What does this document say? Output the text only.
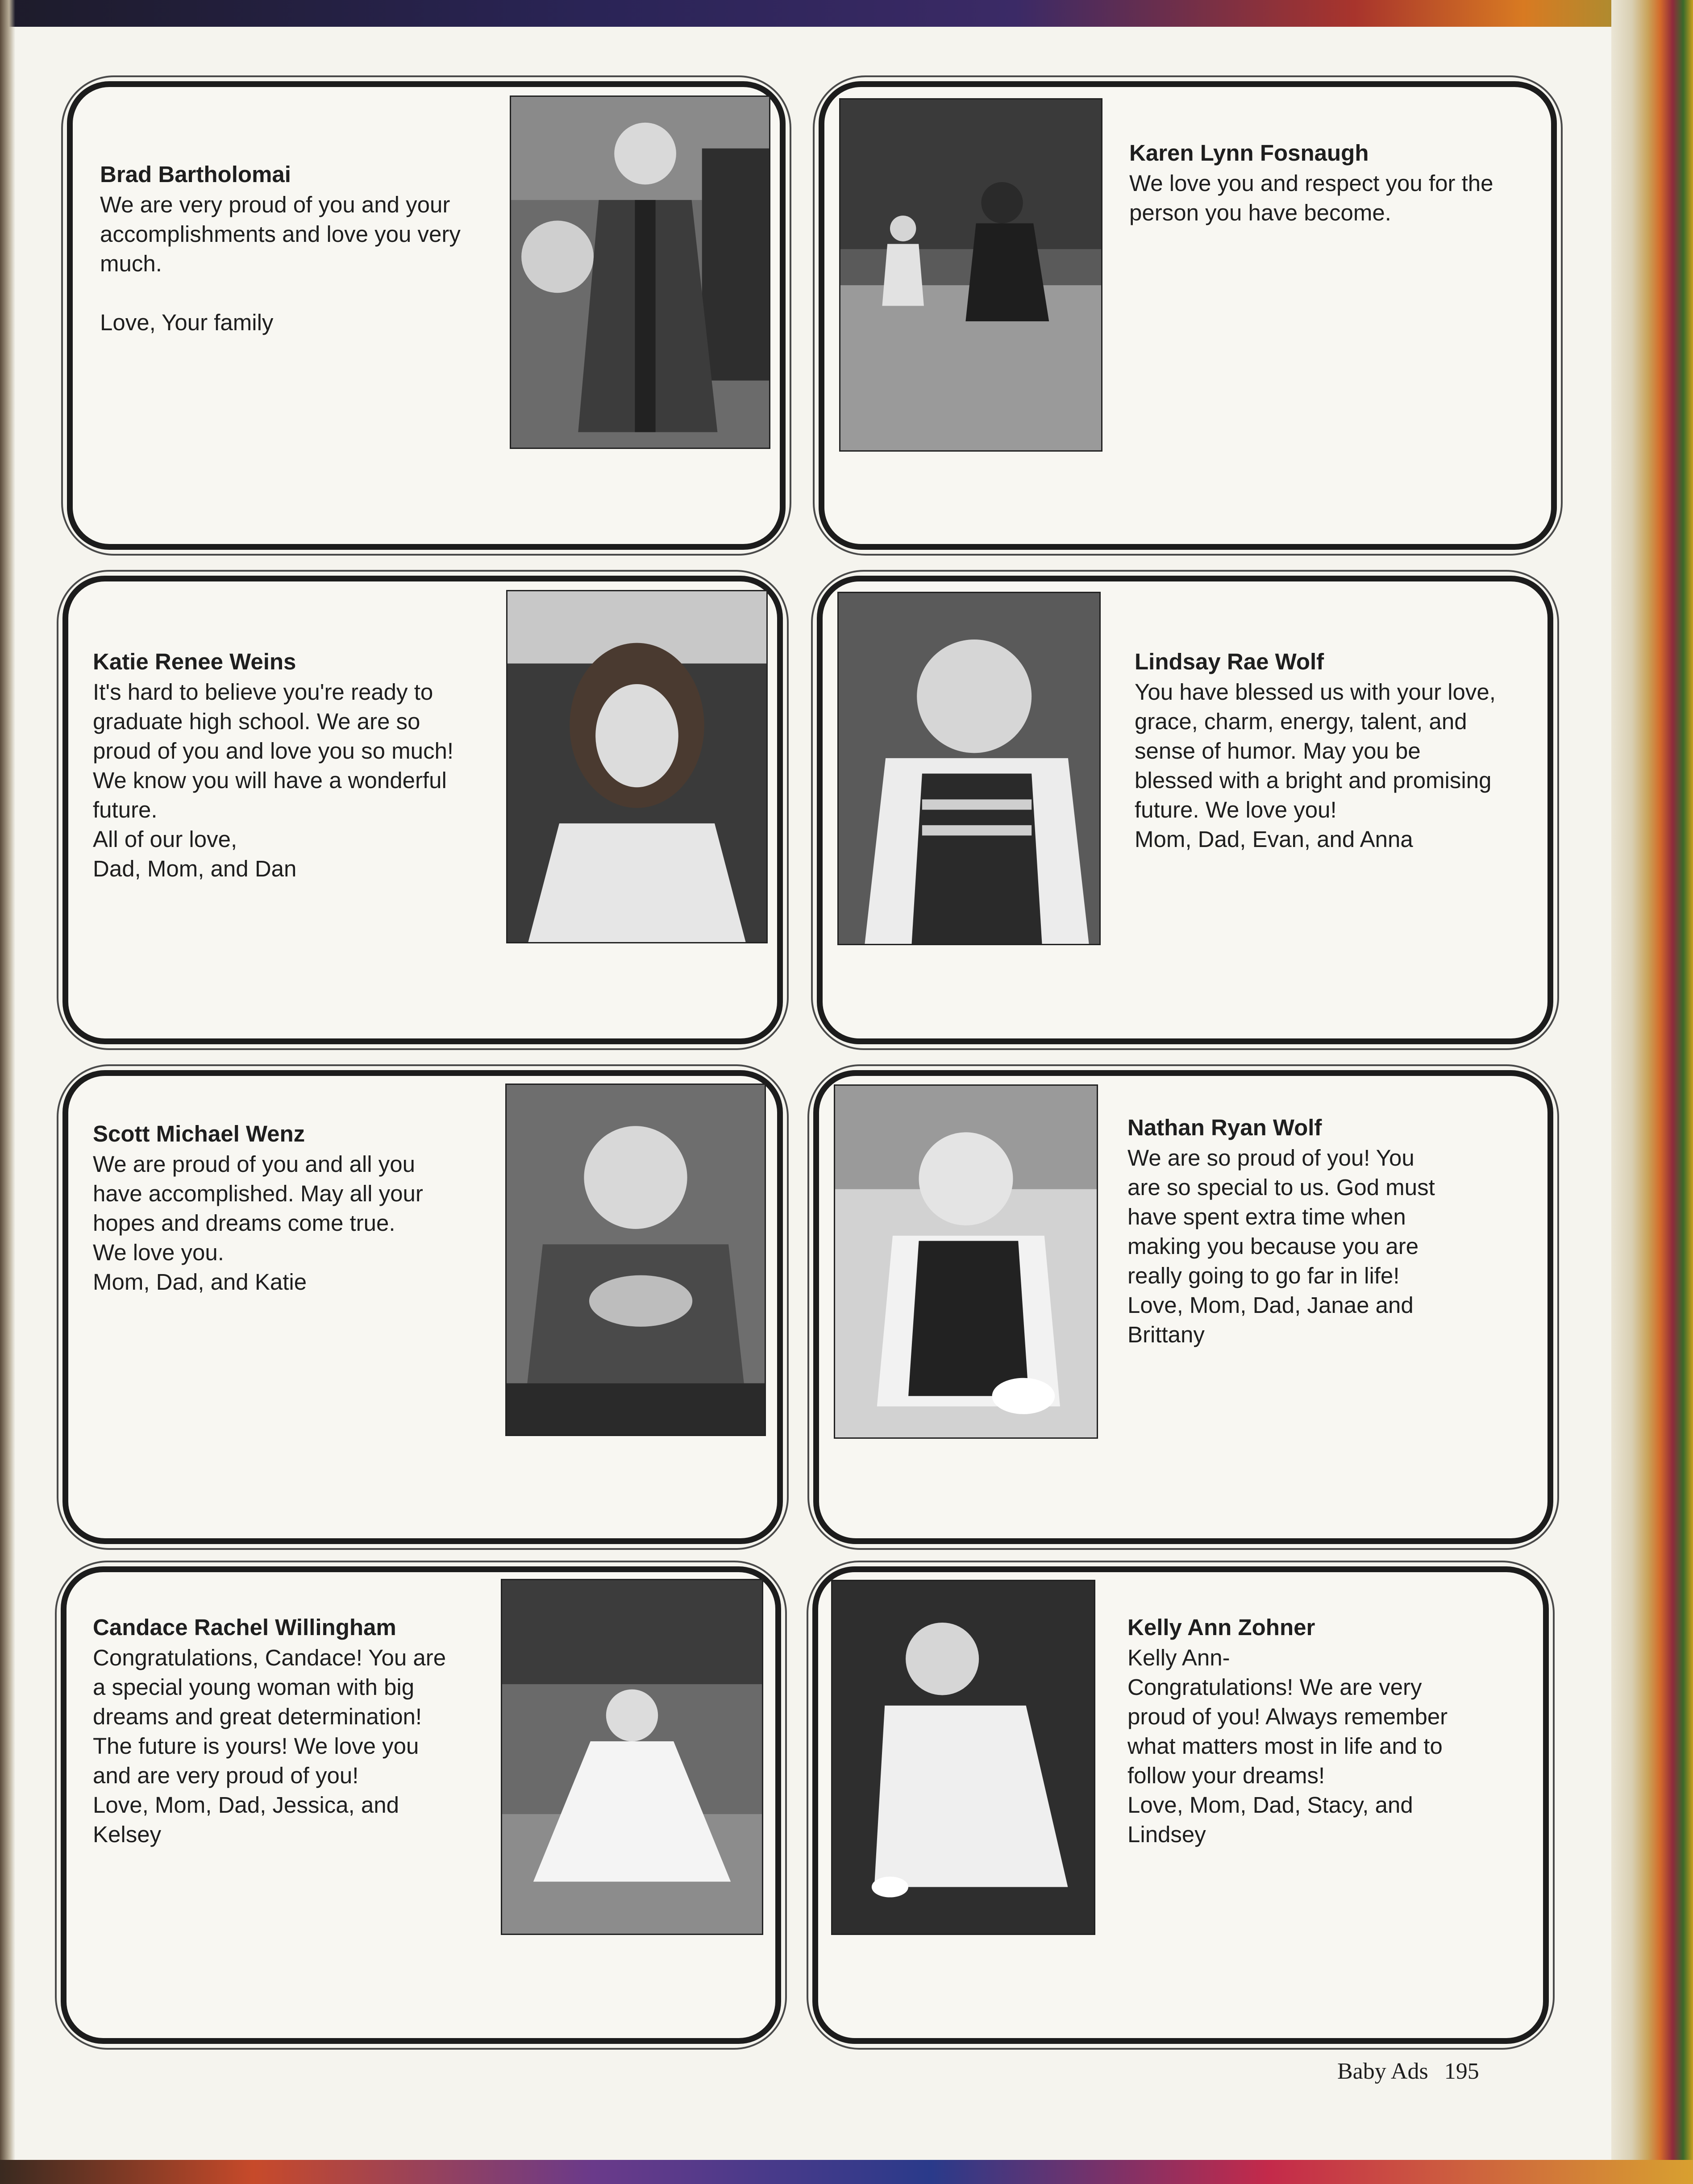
Brad Bartholomai
We are very proud of you and your
accomplishments and love you very
much.

Love, Your family
Karen Lynn Fosnaugh
We love you and respect you for the
person you have become.
Katie Renee Weins
It's hard to believe you're ready to
graduate high school. We are so
proud of you and love you so much!
We know you will have a wonderful
future.
All of our love,
Dad, Mom, and Dan
Lindsay Rae Wolf
You have blessed us with your love,
grace, charm, energy, talent, and
sense of humor. May you be
blessed with a bright and promising
future. We love you!
Mom, Dad, Evan, and Anna
Scott Michael Wenz
We are proud of you and all you
have accomplished. May all your
hopes and dreams come true.
We love you.
Mom, Dad, and Katie
Nathan Ryan Wolf
We are so proud of you! You
are so special to us. God must
have spent extra time when
making you because you are
really going to go far in life!
Love, Mom, Dad, Janae and
Brittany
Candace Rachel Willingham
Congratulations, Candace! You are
a special young woman with big
dreams and great determination!
The future is yours! We love you
and are very proud of you!
Love, Mom, Dad, Jessica, and
Kelsey
Kelly Ann Zohner
Kelly Ann-
Congratulations! We are very
proud of you! Always remember
what matters most in life and to
follow your dreams!
Love, Mom, Dad, Stacy, and
Lindsey
Baby Ads 195
